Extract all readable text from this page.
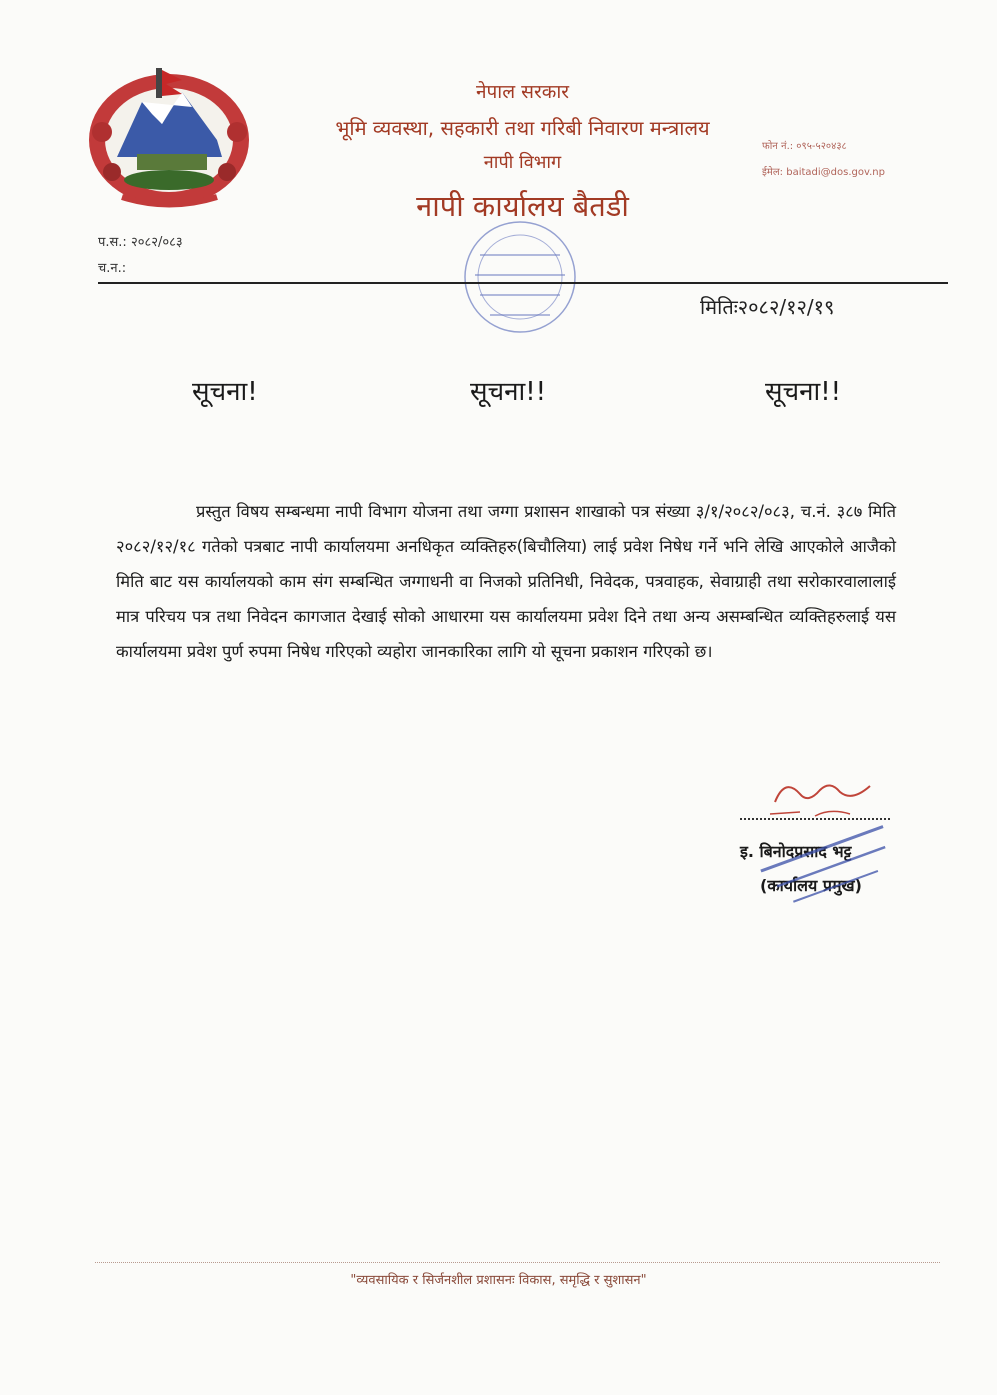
नेपाल सरकार
भूमि व्यवस्था, सहकारी तथा गरिबी निवारण मन्त्रालय
नापी विभाग
नापी कार्यालय बैतडी
फोन नं.: ०९५-५२०४३८
ईमेल: baitadi@dos.gov.np
प.स.: २०८२/०८३
च.न.:
मितिः२०८२/१२/१९
सूचना!	सूचना!!	सूचना!!
प्रस्तुत विषय सम्बन्धमा नापी विभाग योजना तथा जग्गा प्रशासन शाखाको पत्र संख्या ३/१/२०८२/०८३, च.नं. ३८७ मिति २०८२/१२/१८ गतेको पत्रबाट नापी कार्यालयमा अनधिकृत व्यक्तिहरु(बिचौलिया) लाई प्रवेश निषेध गर्ने भनि लेखि आएकोले आजैको मिति बाट यस कार्यालयको काम संग सम्बन्धित जग्गाधनी वा निजको प्रतिनिधी, निवेदक, पत्रवाहक, सेवाग्राही तथा सरोकारवालालाई मात्र परिचय पत्र तथा निवेदन कागजात देखाई सोको आधारमा यस कार्यालयमा प्रवेश दिने तथा अन्य असम्बन्धित व्यक्तिहरुलाई यस कार्यालयमा प्रवेश पुर्ण रुपमा निषेध गरिएको व्यहोरा जानकारिका लागि यो सूचना प्रकाशन गरिएको छ।
इ. बिनोदप्रसाद भट्ट
(कार्यालय प्रमुख)
"व्यवसायिक र सिर्जनशील प्रशासनः विकास, समृद्धि र सुशासन"
